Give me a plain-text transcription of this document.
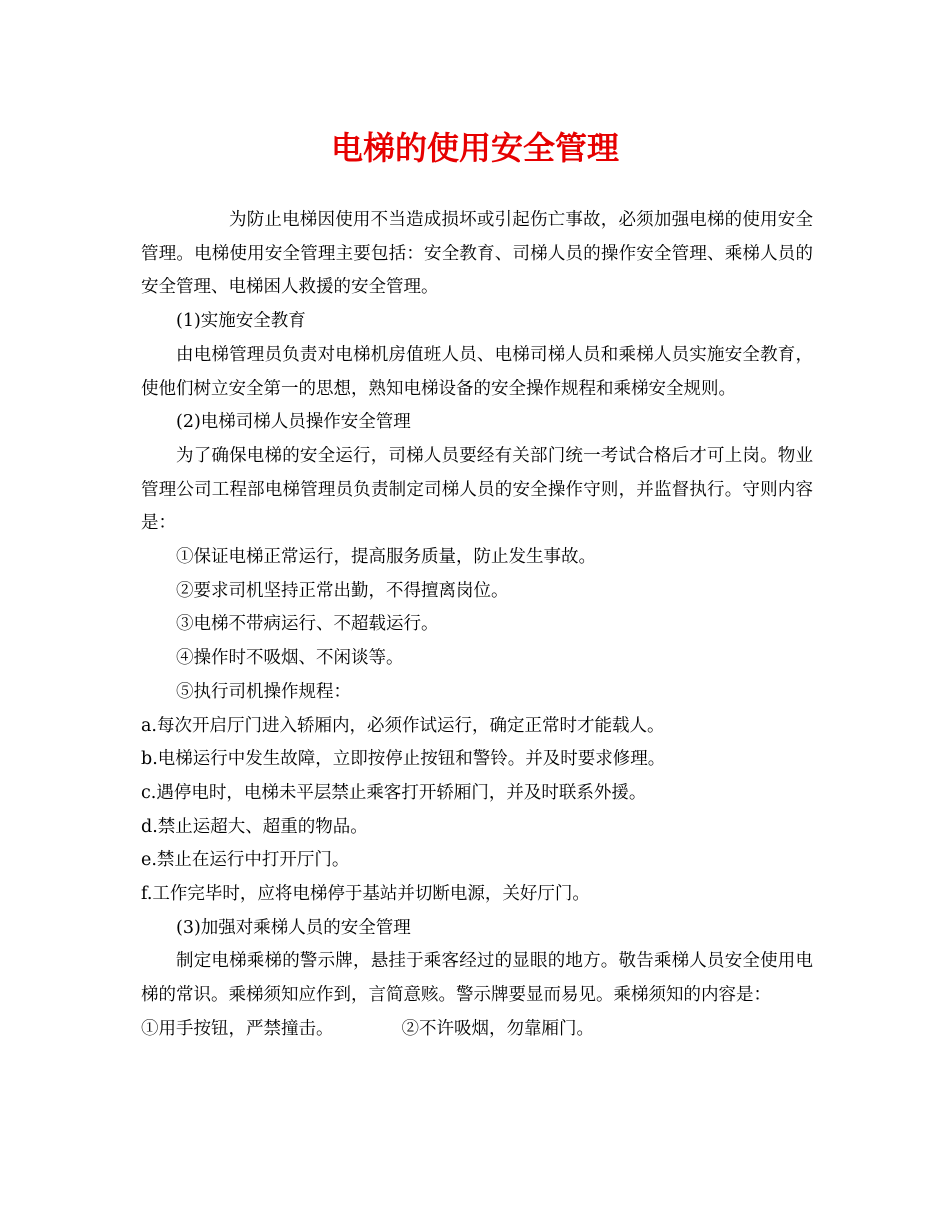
电梯的使用安全管理

为防止电梯因使用不当造成损坏或引起伤亡事故，必须加强电梯的使用安全管理。电梯使用安全管理主要包括：安全教育、司梯人员的操作安全管理、乘梯人员的安全管理、电梯困人救援的安全管理。

(1)实施安全教育

由电梯管理员负责对电梯机房值班人员、电梯司梯人员和乘梯人员实施安全教育，使他们树立安全第一的思想，熟知电梯设备的安全操作规程和乘梯安全规则。

(2)电梯司梯人员操作安全管理

为了确保电梯的安全运行，司梯人员要经有关部门统一考试合格后才可上岗。物业管理公司工程部电梯管理员负责制定司梯人员的安全操作守则，并监督执行。守则内容是：

①保证电梯正常运行，提高服务质量，防止发生事故。

②要求司机坚持正常出勤，不得擅离岗位。

③电梯不带病运行、不超载运行。

④操作时不吸烟、不闲谈等。

⑤执行司机操作规程：

a.每次开启厅门进入轿厢内，必须作试运行，确定正常时才能载人。

b.电梯运行中发生故障，立即按停止按钮和警铃。并及时要求修理。

c.遇停电时，电梯未平层禁止乘客打开轿厢门，并及时联系外援。

d.禁止运超大、超重的物品。

e.禁止在运行中打开厅门。

f.工作完毕时，应将电梯停于基站并切断电源，关好厅门。

(3)加强对乘梯人员的安全管理

制定电梯乘梯的警示牌，悬挂于乘客经过的显眼的地方。敬告乘梯人员安全使用电梯的常识。乘梯须知应作到，言简意赅。警示牌要显而易见。乘梯须知的内容是：

①用手按钮，严禁撞击。	②不许吸烟，勿靠厢门。
